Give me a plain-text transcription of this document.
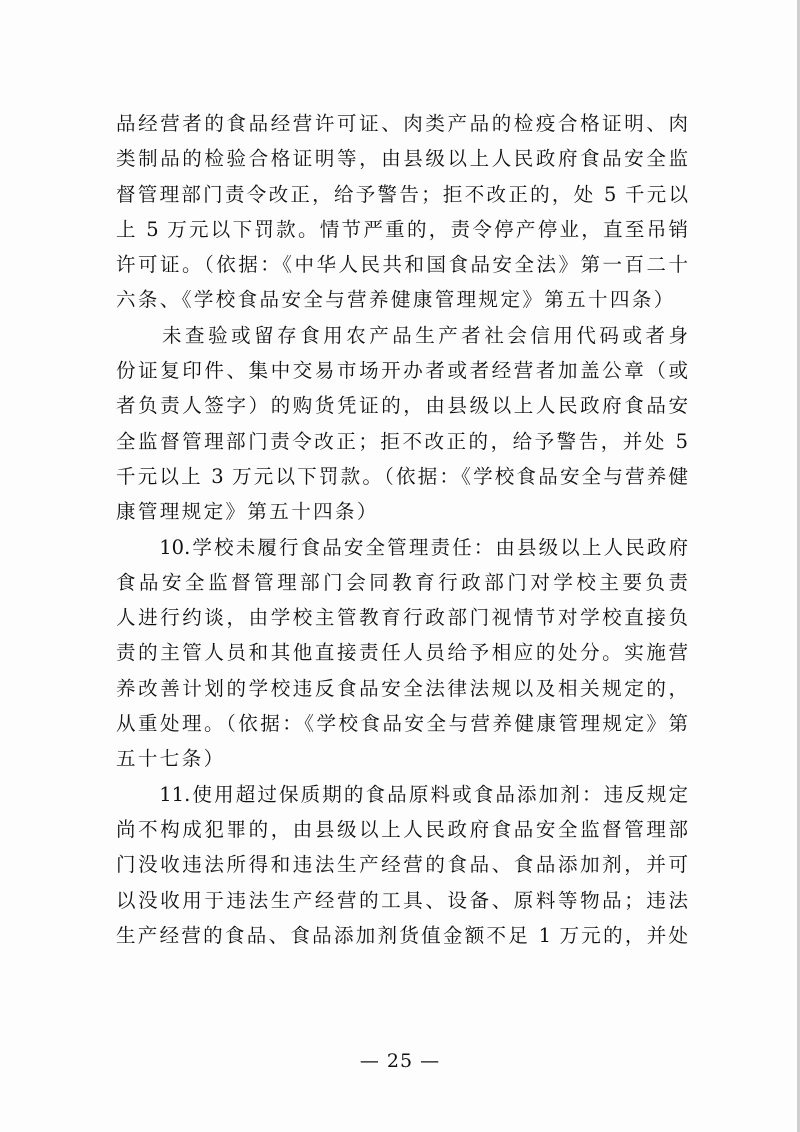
品经营者的食品经营许可证、肉类产品的检疫合格证明、肉
类制品的检验合格证明等，由县级以上人民政府食品安全监
督管理部门责令改正，给予警告；拒不改正的，处 5 千元以
上 5 万元以下罚款。情节严重的，责令停产停业，直至吊销
许可证。（依据：《中华人民共和国食品安全法》第一百二十
六条、《学校食品安全与营养健康管理规定》第五十四条）
　　未查验或留存食用农产品生产者社会信用代码或者身
份证复印件、集中交易市场开办者或者经营者加盖公章（或
者负责人签字）的购货凭证的，由县级以上人民政府食品安
全监督管理部门责令改正；拒不改正的，给予警告，并处 5
千元以上 3 万元以下罚款。（依据：《学校食品安全与营养健
康管理规定》第五十四条）
　　10.学校未履行食品安全管理责任：由县级以上人民政府
食品安全监督管理部门会同教育行政部门对学校主要负责
人进行约谈，由学校主管教育行政部门视情节对学校直接负
责的主管人员和其他直接责任人员给予相应的处分。实施营
养改善计划的学校违反食品安全法律法规以及相关规定的，
从重处理。（依据：《学校食品安全与营养健康管理规定》第
五十七条）
　　11.使用超过保质期的食品原料或食品添加剂：违反规定
尚不构成犯罪的，由县级以上人民政府食品安全监督管理部
门没收违法所得和违法生产经营的食品、食品添加剂，并可
以没收用于违法生产经营的工具、设备、原料等物品；违法
生产经营的食品、食品添加剂货值金额不足 1 万元的，并处
— 25 —
